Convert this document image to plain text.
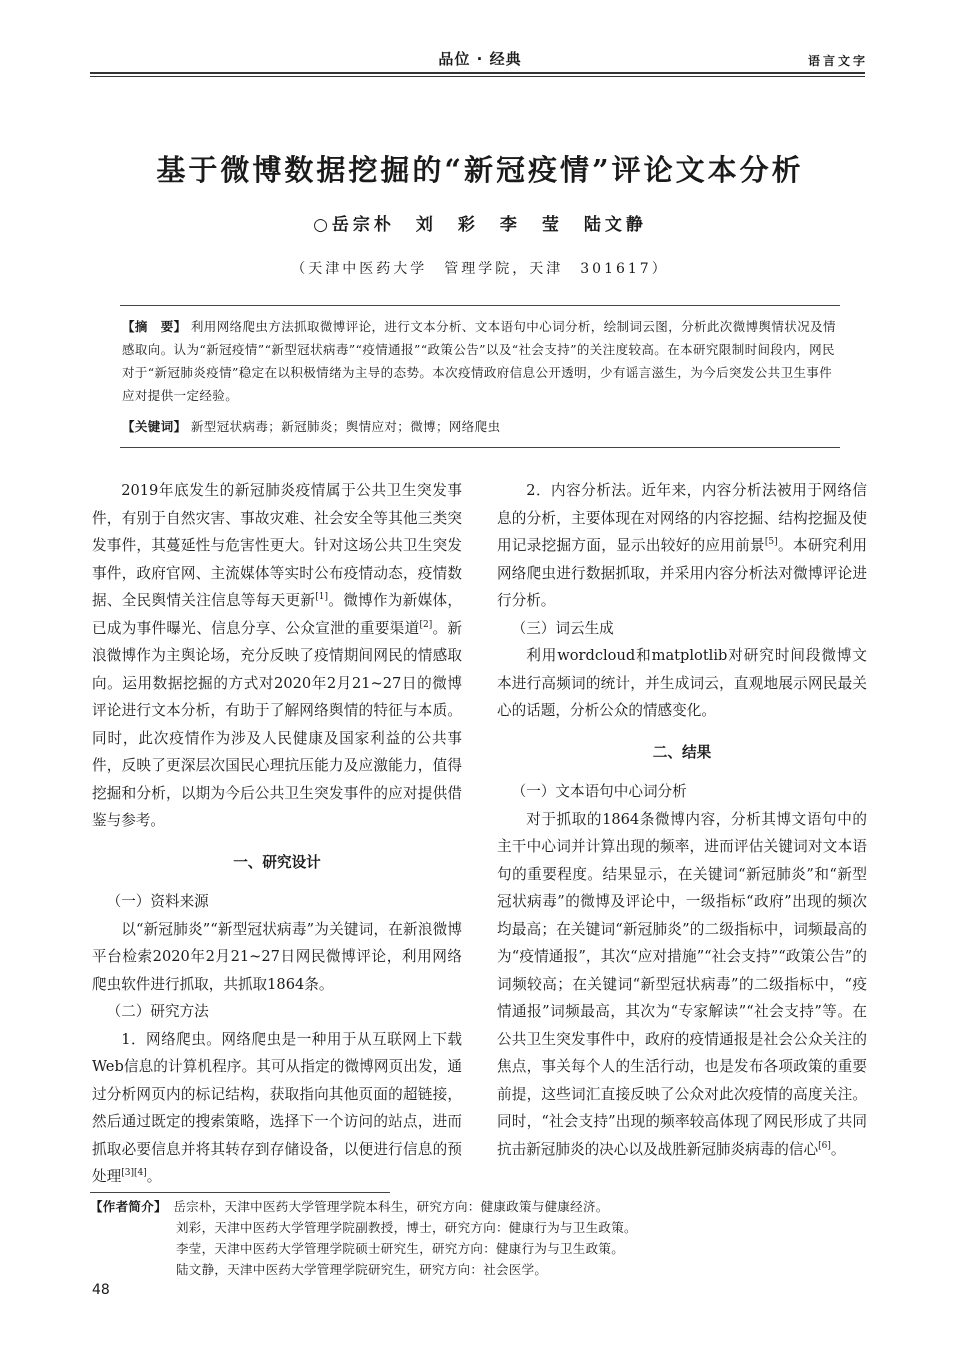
品位 · 经典	语言文字
基于微博数据挖掘的“新冠疫情”评论文本分析
○岳宗朴　刘　彩　李　莹　陆文静
（天津中医药大学　管理学院，天津　301617）
【摘　要】 利用网络爬虫方法抓取微博评论，进行文本分析、文本语句中心词分析，绘制词云图，分析此次微博舆情状况及情感取向。认为“新冠疫情”“新型冠状病毒”“疫情通报”“政策公告”以及“社会支持”的关注度较高。在本研究限制时间段内，网民对于“新冠肺炎疫情”稳定在以积极情绪为主导的态势。本次疫情政府信息公开透明，少有谣言滋生，为今后突发公共卫生事件应对提供一定经验。
【关键词】 新型冠状病毒；新冠肺炎；舆情应对；微博；网络爬虫

2019年底发生的新冠肺炎疫情属于公共卫生突发事件，有别于自然灾害、事故灾难、社会安全等其他三类突发事件，其蔓延性与危害性更大。针对这场公共卫生突发事件，政府官网、主流媒体等实时公布疫情动态，疫情数据、全民舆情关注信息等每天更新[1]。微博作为新媒体，已成为事件曝光、信息分享、公众宣泄的重要渠道[2]。新浪微博作为主舆论场，充分反映了疫情期间网民的情感取向。运用数据挖掘的方式对2020年2月21~27日的微博评论进行文本分析，有助于了解网络舆情的特征与本质。同时，此次疫情作为涉及人民健康及国家利益的公共事件，反映了更深层次国民心理抗压能力及应激能力，值得挖掘和分析，以期为今后公共卫生突发事件的应对提供借鉴与参考。

一、研究设计

（一）资料来源

以“新冠肺炎”“新型冠状病毒”为关键词，在新浪微博平台检索2020年2月21~27日网民微博评论，利用网络爬虫软件进行抓取，共抓取1864条。

（二）研究方法

1．网络爬虫。网络爬虫是一种用于从互联网上下载Web信息的计算机程序。其可从指定的微博网页出发，通过分析网页内的标记结构，获取指向其他页面的超链接，然后通过既定的搜索策略，选择下一个访问的站点，进而抓取必要信息并将其转存到存储设备，以便进行信息的预处理[3][4]。

2．内容分析法。近年来，内容分析法被用于网络信息的分析，主要体现在对网络的内容挖掘、结构挖掘及使用记录挖掘方面，显示出较好的应用前景[5]。本研究利用网络爬虫进行数据抓取，并采用内容分析法对微博评论进行分析。

（三）词云生成

利用wordcloud和matplotlib对研究时间段微博文本进行高频词的统计，并生成词云，直观地展示网民最关心的话题，分析公众的情感变化。

二、结果

（一）文本语句中心词分析

对于抓取的1864条微博内容，分析其博文语句中的主干中心词并计算出现的频率，进而评估关键词对文本语句的重要程度。结果显示，在关键词“新冠肺炎”和“新型冠状病毒”的微博及评论中，一级指标“政府”出现的频次均最高；在关键词“新冠肺炎”的二级指标中，词频最高的为“疫情通报”，其次“应对措施”“社会支持”“政策公告”的词频较高；在关键词“新型冠状病毒”的二级指标中，“疫情通报”词频最高，其次为“专家解读”“社会支持”等。在公共卫生突发事件中，政府的疫情通报是社会公众关注的焦点，事关每个人的生活行动，也是发布各项政策的重要前提，这些词汇直接反映了公众对此次疫情的高度关注。同时，“社会支持”出现的频率较高体现了网民形成了共同抗击新冠肺炎的决心以及战胜新冠肺炎病毒的信心[6]。

【作者简介】　 岳宗朴，天津中医药大学管理学院本科生，研究方向：健康政策与健康经济。
刘彩，天津中医药大学管理学院副教授，博士，研究方向：健康行为与卫生政策。
李莹，天津中医药大学管理学院硕士研究生，研究方向：健康行为与卫生政策。
陆文静，天津中医药大学管理学院研究生，研究方向：社会医学。
48
